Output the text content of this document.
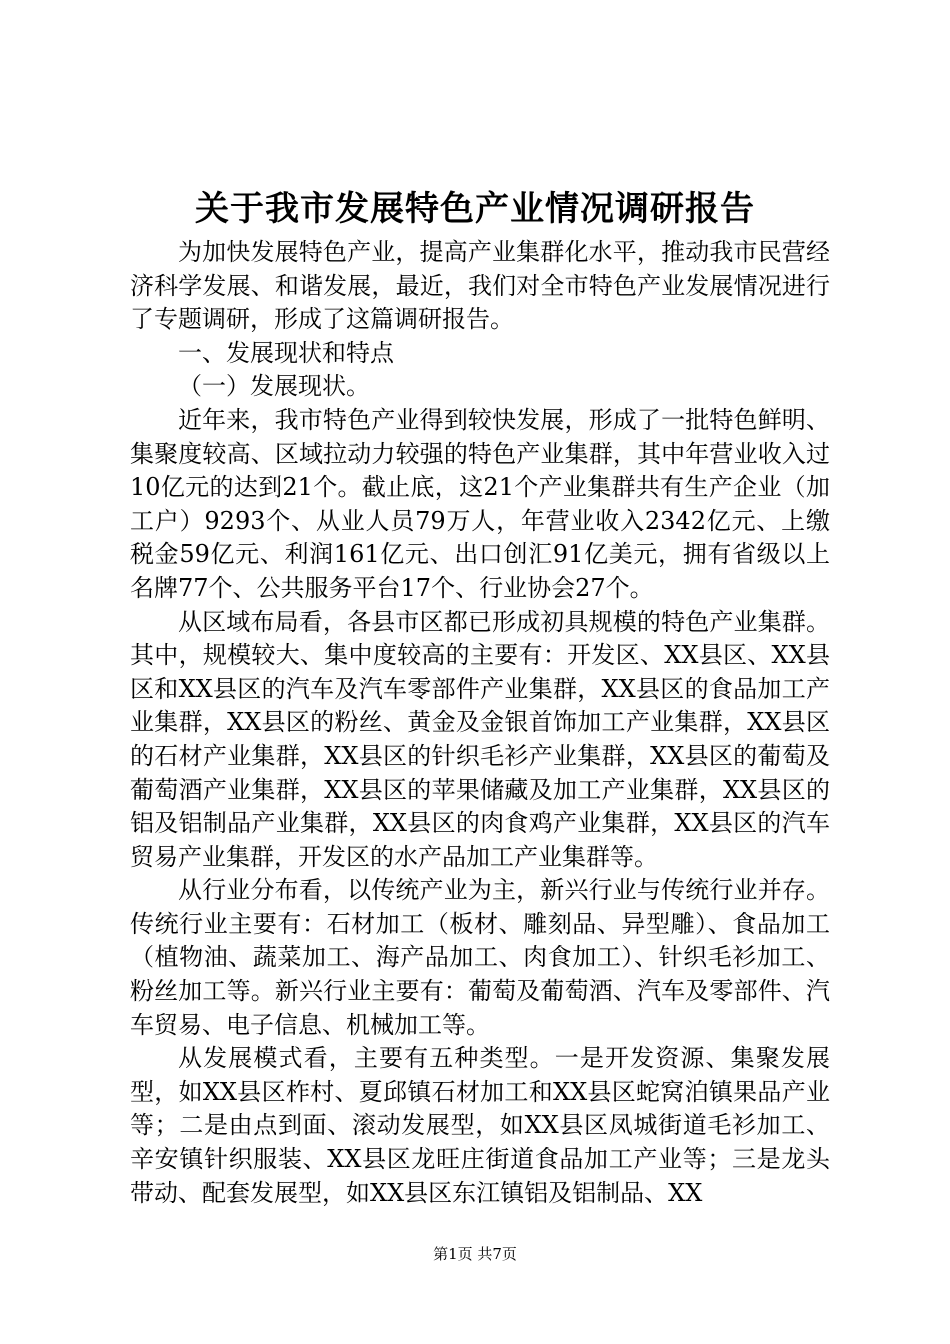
关于我市发展特色产业情况调研报告

为加快发展特色产业，提高产业集群化水平，推动我市民营经济科学发展、和谐发展，最近，我们对全市特色产业发展情况进行了专题调研，形成了这篇调研报告。

一、发展现状和特点

（一）发展现状。

近年来，我市特色产业得到较快发展，形成了一批特色鲜明、集聚度较高、区域拉动力较强的特色产业集群，其中年营业收入过10亿元的达到21个。截止底，这21个产业集群共有生产企业（加工户）9293个、从业人员79万人，年营业收入2342亿元、上缴税金59亿元、利润161亿元、出口创汇91亿美元，拥有省级以上名牌77个、公共服务平台17个、行业协会27个。

从区域布局看，各县市区都已形成初具规模的特色产业集群。其中，规模较大、集中度较高的主要有：开发区、XX县区、XX县区和XX县区的汽车及汽车零部件产业集群，XX县区的食品加工产业集群，XX县区的粉丝、黄金及金银首饰加工产业集群，XX县区的石材产业集群，XX县区的针织毛衫产业集群，XX县区的葡萄及葡萄酒产业集群，XX县区的苹果储藏及加工产业集群，XX县区的铝及铝制品产业集群，XX县区的肉食鸡产业集群，XX县区的汽车贸易产业集群，开发区的水产品加工产业集群等。

从行业分布看，以传统产业为主，新兴行业与传统行业并存。传统行业主要有：石材加工（板材、雕刻品、异型雕）、食品加工（植物油、蔬菜加工、海产品加工、肉食加工）、针织毛衫加工、粉丝加工等。新兴行业主要有：葡萄及葡萄酒、汽车及零部件、汽车贸易、电子信息、机械加工等。

从发展模式看，主要有五种类型。一是开发资源、集聚发展型，如XX县区柞村、夏邱镇石材加工和XX县区蛇窝泊镇果品产业等；二是由点到面、滚动发展型，如XX县区凤城街道毛衫加工、辛安镇针织服装、XX县区龙旺庄街道食品加工产业等；三是龙头带动、配套发展型，如XX县区东江镇铝及铝制品、XX

第1页 共7页
